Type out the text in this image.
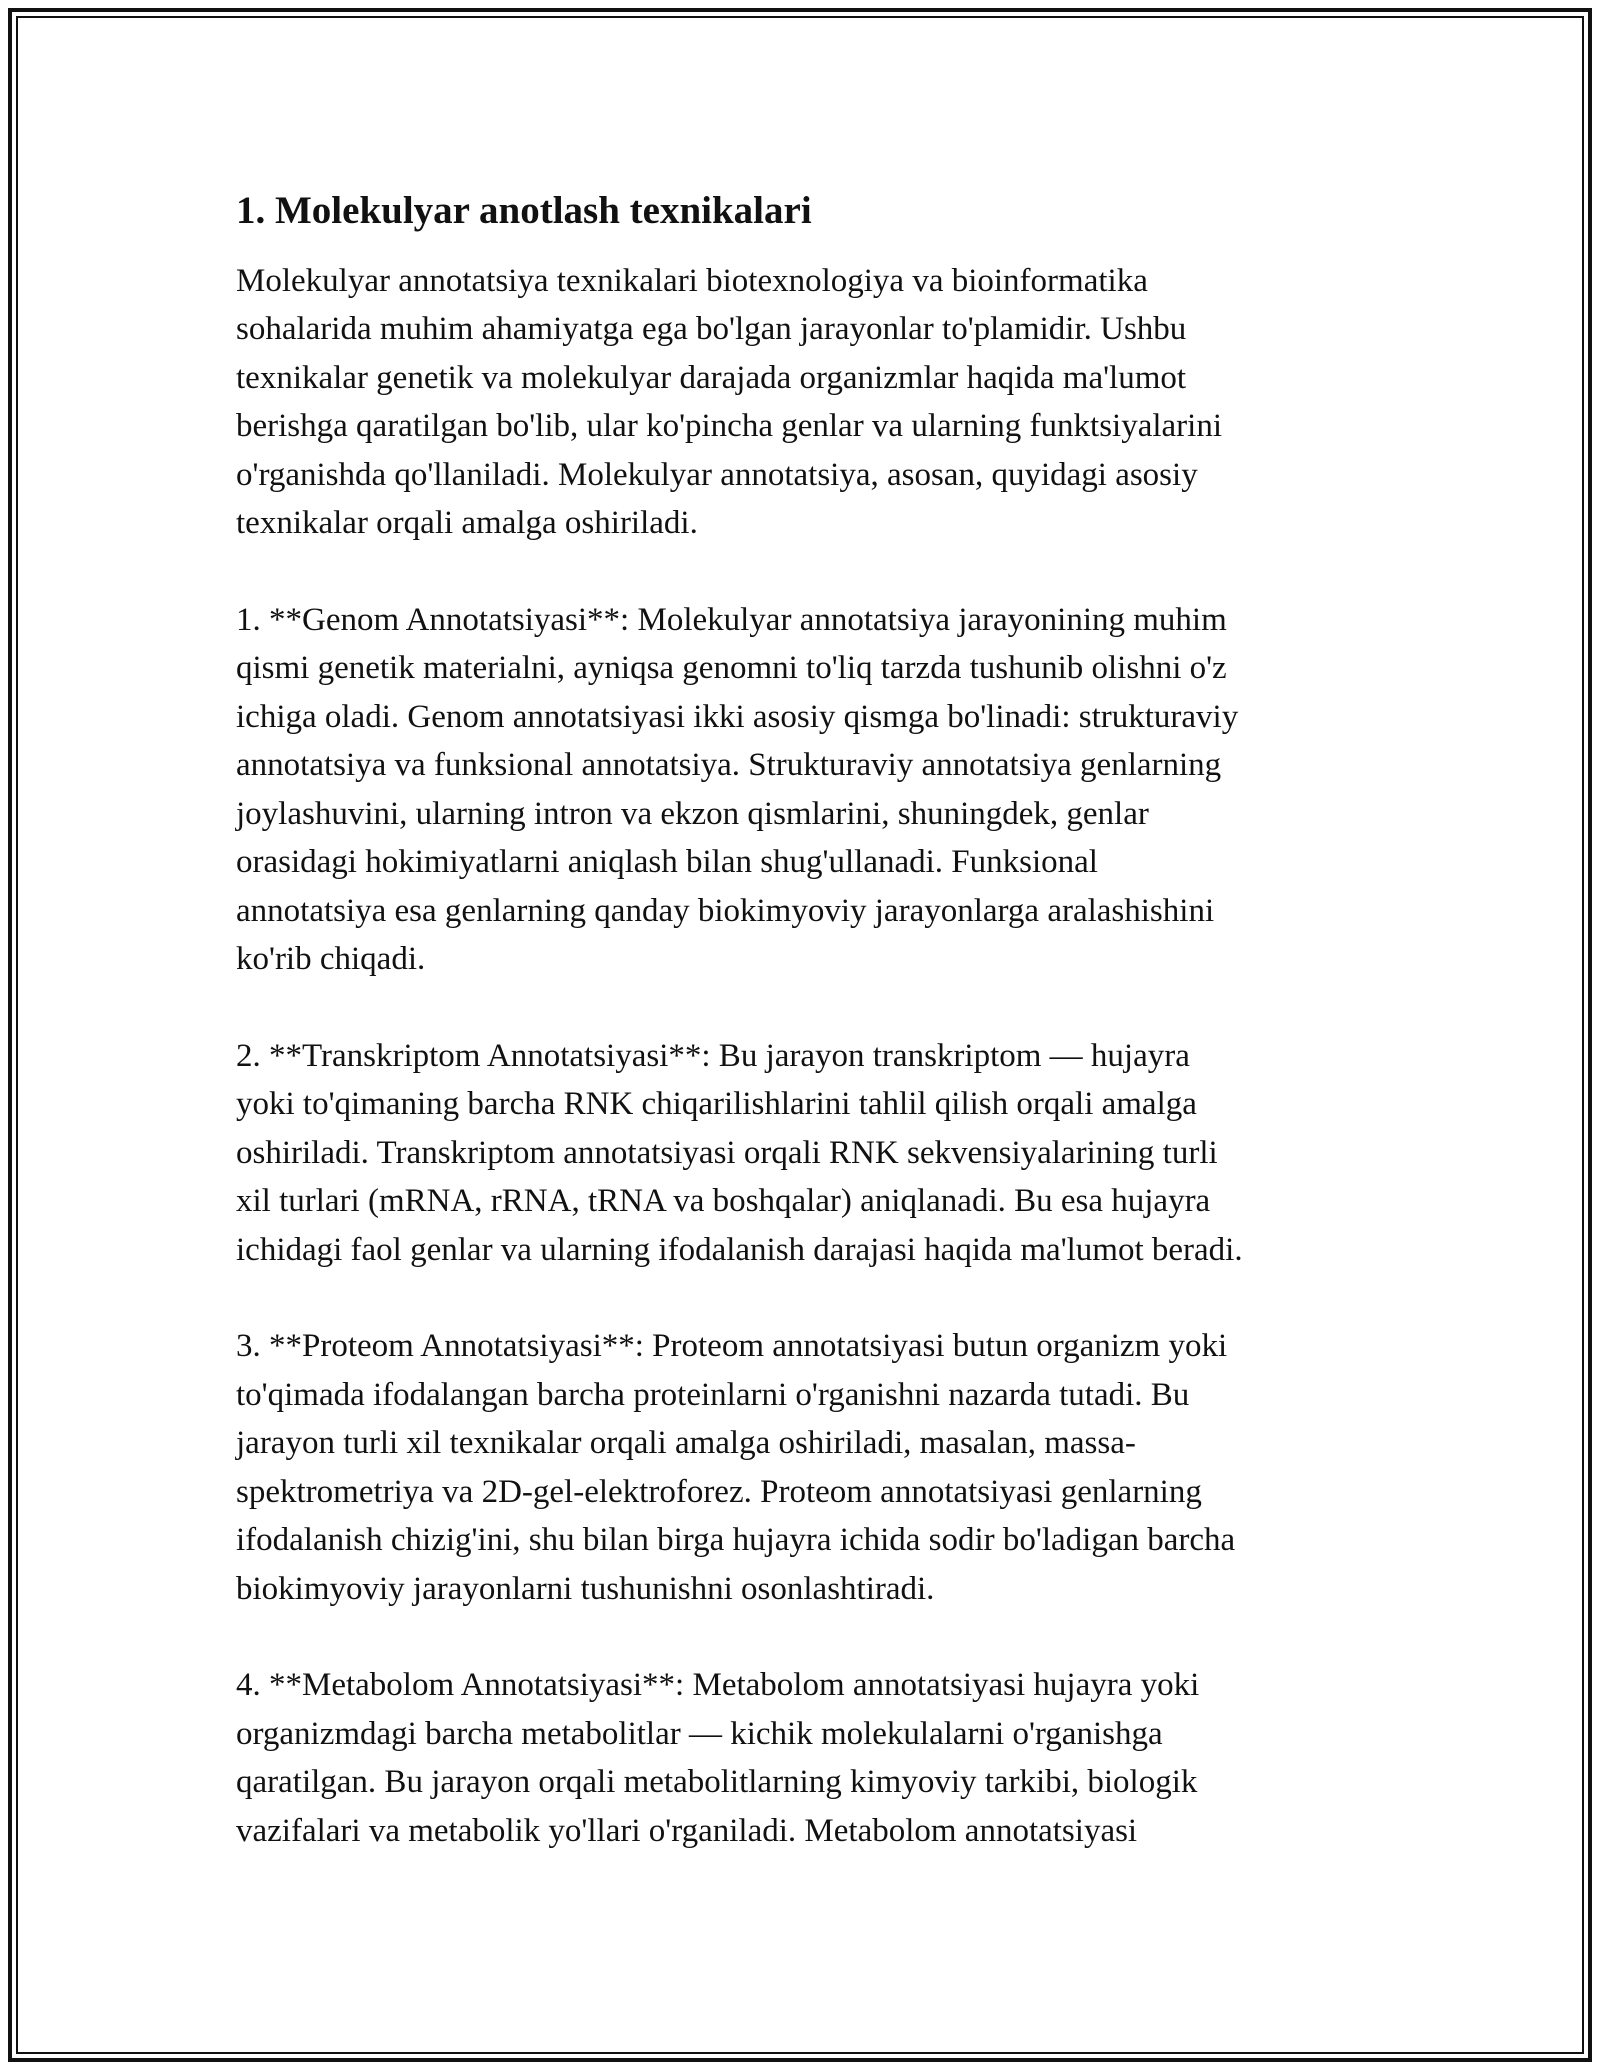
1. Molekulyar anotlash texnikalari

Molekulyar annotatsiya texnikalari biotexnologiya va bioinformatika
sohalarida muhim ahamiyatga ega bo'lgan jarayonlar to'plamidir. Ushbu
texnikalar genetik va molekulyar darajada organizmlar haqida ma'lumot
berishga qaratilgan bo'lib, ular ko'pincha genlar va ularning funktsiyalarini
o'rganishda qo'llaniladi. Molekulyar annotatsiya, asosan, quyidagi asosiy
texnikalar orqali amalga oshiriladi.

1. **Genom Annotatsiyasi**: Molekulyar annotatsiya jarayonining muhim
qismi genetik materialni, ayniqsa genomni to'liq tarzda tushunib olishni o'z
ichiga oladi. Genom annotatsiyasi ikki asosiy qismga bo'linadi: strukturaviy
annotatsiya va funksional annotatsiya. Strukturaviy annotatsiya genlarning
joylashuvini, ularning intron va ekzon qismlarini, shuningdek, genlar
orasidagi hokimiyatlarni aniqlash bilan shug'ullanadi. Funksional
annotatsiya esa genlarning qanday biokimyoviy jarayonlarga aralashishini
ko'rib chiqadi.

2. **Transkriptom Annotatsiyasi**: Bu jarayon transkriptom — hujayra
yoki to'qimaning barcha RNK chiqarilishlarini tahlil qilish orqali amalga
oshiriladi. Transkriptom annotatsiyasi orqali RNK sekvensiyalarining turli
xil turlari (mRNA, rRNA, tRNA va boshqalar) aniqlanadi. Bu esa hujayra
ichidagi faol genlar va ularning ifodalanish darajasi haqida ma'lumot beradi.

3. **Proteom Annotatsiyasi**: Proteom annotatsiyasi butun organizm yoki
to'qimada ifodalangan barcha proteinlarni o'rganishni nazarda tutadi. Bu
jarayon turli xil texnikalar orqali amalga oshiriladi, masalan, massa-
spektrometriya va 2D-gel-elektroforez. Proteom annotatsiyasi genlarning
ifodalanish chizig'ini, shu bilan birga hujayra ichida sodir bo'ladigan barcha
biokimyoviy jarayonlarni tushunishni osonlashtiradi.

4. **Metabolom Annotatsiyasi**: Metabolom annotatsiyasi hujayra yoki
organizmdagi barcha metabolitlar — kichik molekulalarni o'rganishga
qaratilgan. Bu jarayon orqali metabolitlarning kimyoviy tarkibi, biologik
vazifalari va metabolik yo'llari o'rganiladi. Metabolom annotatsiyasi
